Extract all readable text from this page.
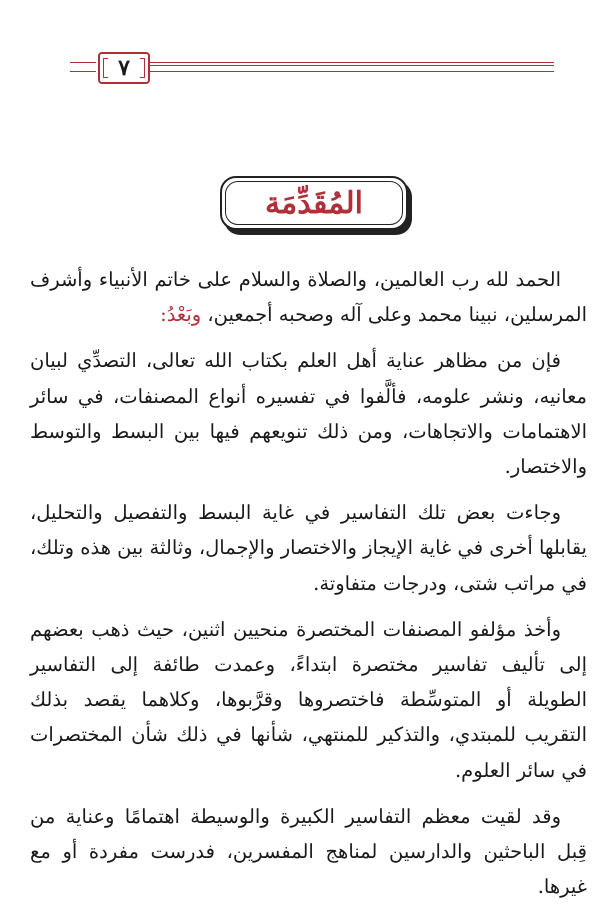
٧
المُقَدِّمَة

الحمد لله رب العالمين، والصلاة والسلام على خاتم الأنبياء وأشرف المرسلين، نبينا محمد وعلى آله وصحبه أجمعين، وبَعْدُ:

فإن من مظاهر عناية أهل العلم بكتاب الله تعالى، التصدِّي لبيان معانيه، ونشر علومه، فألَّفوا في تفسيره أنواع المصنفات، في سائر الاهتمامات والاتجاهات، ومن ذلك تنويعهم فيها بين البسط والتوسط والاختصار.

وجاءت بعض تلك التفاسير في غاية البسط والتفصيل والتحليل، يقابلها أخرى في غاية الإيجاز والاختصار والإجمال، وثالثة بين هذه وتلك، في مراتب شتى، ودرجات متفاوتة.

وأخذ مؤلفو المصنفات المختصرة منحيين اثنين، حيث ذهب بعضهم إلى تأليف تفاسير مختصرة ابتداءً، وعمدت طائفة إلى التفاسير الطويلة أو المتوسِّطة فاختصروها وقرَّبوها، وكلاهما يقصد بذلك التقريب للمبتدي، والتذكير للمنتهي، شأنها في ذلك شأن المختصرات في سائر العلوم.

وقد لقيت معظم التفاسير الكبيرة والوسيطة اهتمامًا وعناية من قِبل الباحثين والدارسين لمناهج المفسرين، فدرست مفردة أو مع غيرها.
